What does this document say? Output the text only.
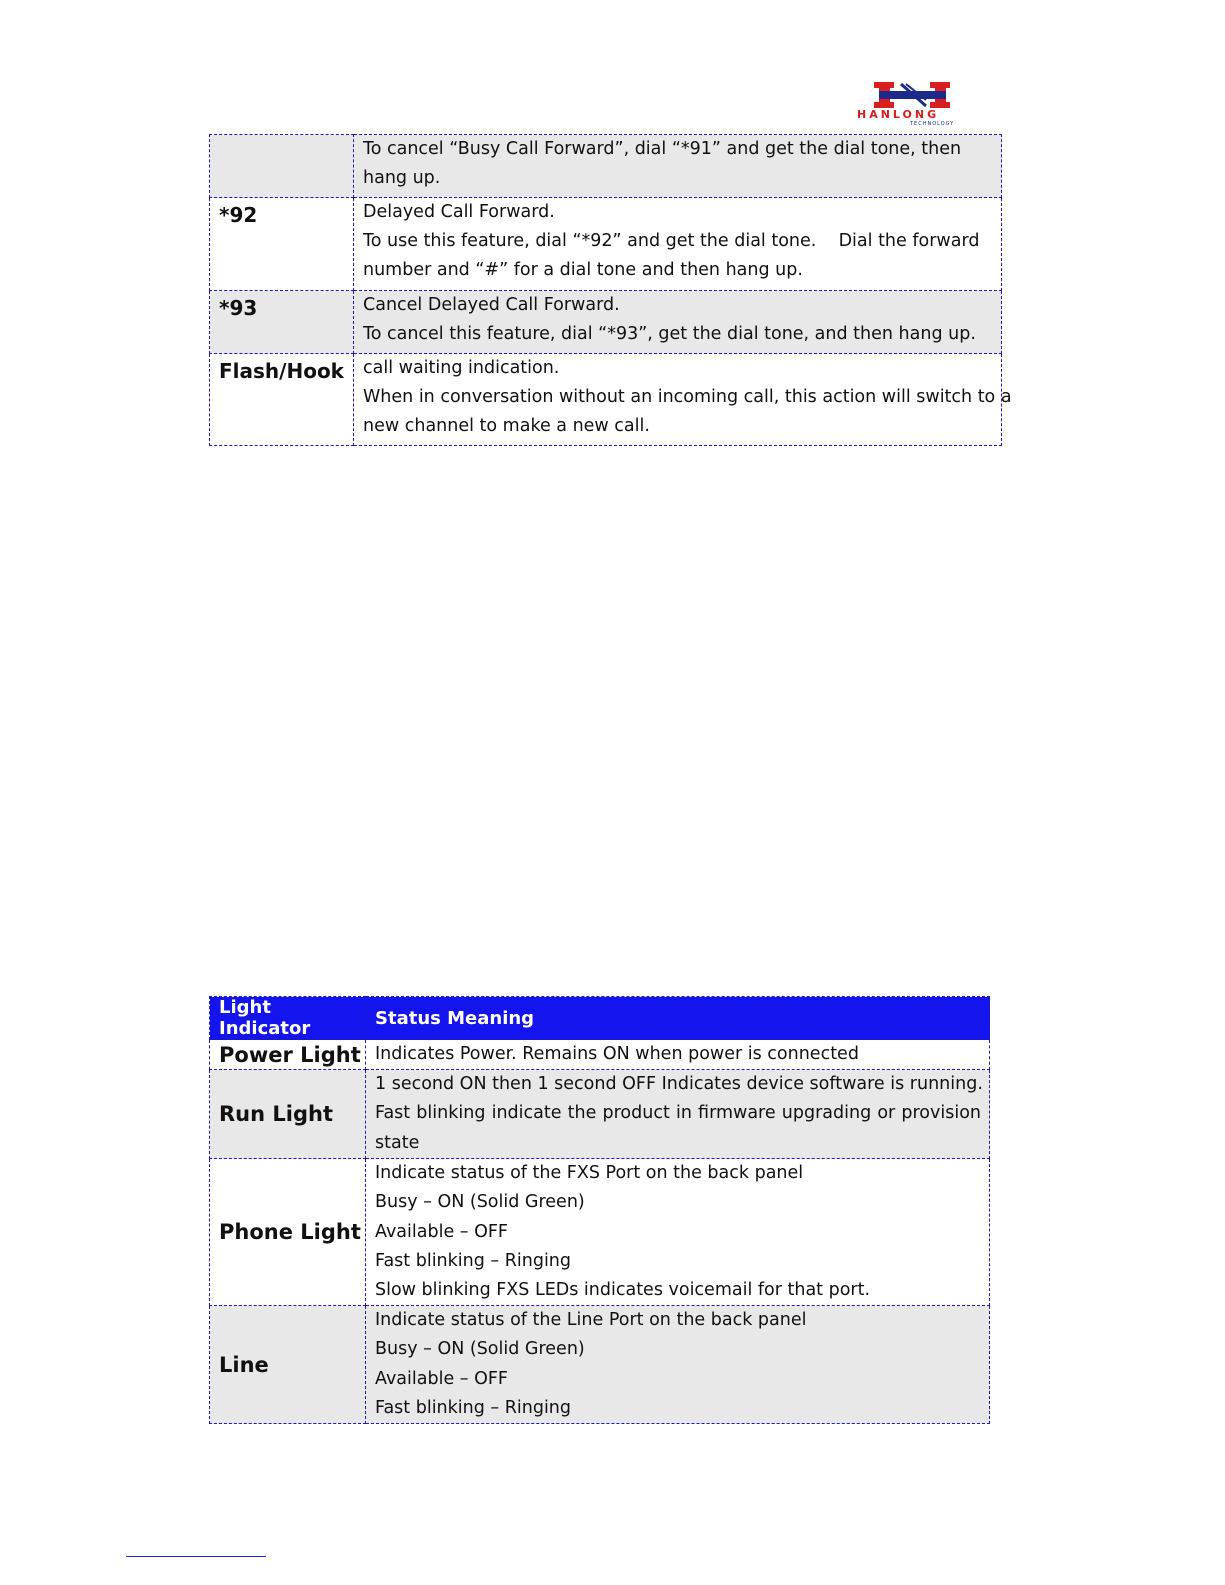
HANLONG
TECHNOLOGY

	To cancel “Busy Call Forward”, dial “*91” and get the dial tone, then hang up.

*92	Delayed Call Forward.
To use this feature, dial “*92” and get the dial tone.    Dial the forward
number and “#” for a dial tone and then hang up.

*93	Cancel Delayed Call Forward.
To cancel this feature, dial “*93”, get the dial tone, and then hang up.

Flash/Hook	call waiting indication.
When in conversation without an incoming call, this action will switch to a
new channel to make a new call.
Light Indicator	Status Meaning
Power Light	Indicates Power. Remains ON when power is connected

Run Light	1 second ON then 1 second OFF Indicates device software is running.
Fast blinking indicate the product in firmware upgrading or provision state

Phone Light	Indicate status of the FXS Port on the back panel
Busy – ON (Solid Green)
Available – OFF
Fast blinking – Ringing
Slow blinking FXS LEDs indicates voicemail for that port.

Line	Indicate status of the Line Port on the back panel
Busy – ON (Solid Green)
Available – OFF
Fast blinking – Ringing
